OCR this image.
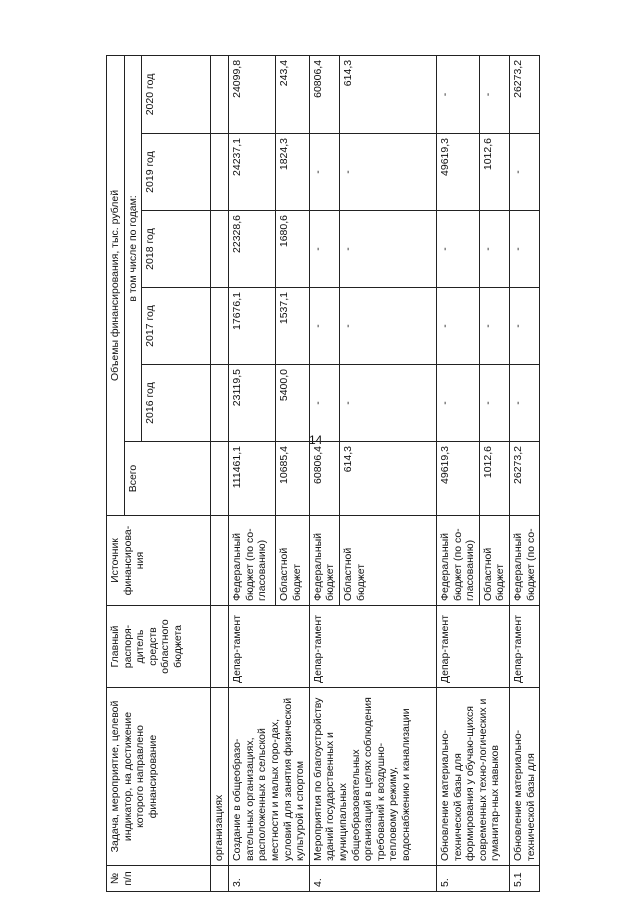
14
№ п/п	Задача, мероприятие, целевой индикатор, на достижение которого направлено финансирование	Главный распоря-дитель средств областного бюджета	Источник финансирова-ния	Объемы финансирования, тыс. рублей					
				Всего	в том числе по годам:				
					2016 год	2017 год	2018 год	2019 год	2020 год
	организациях								
3.	Создание в общеобразо-вательных организациях, расположенных в сельской местности и малых горо-дах, условий для занятия физической культурой и спортом	Депар-тамент	Федеральный бюджет (по со-гласованию)	111461,1	23119,5	17676,1	22328,6	24237,1	24099,8
			Областной бюджет	10685,4	5400,0	1537,1	1680,6	1824,3	243,4
4.	Мероприятия по благоустройству зданий государственных и муниципальных общеобразовательных организаций в целях соблюдения требований к воздушно- тепловому режиму, водоснабжению и канализации	Депар-тамент	Федеральный бюджет	60806,4	-	-	-	-	60806,4
			Областной бюджет	614,3	-	-	-	-	614,3
5.	Обновление материально-технической базы для формирования у обучаю-щихся современных техно-логических и гуманитар-ных навыков	Депар-тамент	Федеральный бюджет (по со-гласованию)	49619,3	-	-	-	49619,3	-
			Областной бюджет	1012,6	-	-	-	1012,6	-
5.1	Обновление материально-технической базы для	Депар-тамент	Федеральный бюджет (по со-	26273,2	-	-	-	-	26273,2
